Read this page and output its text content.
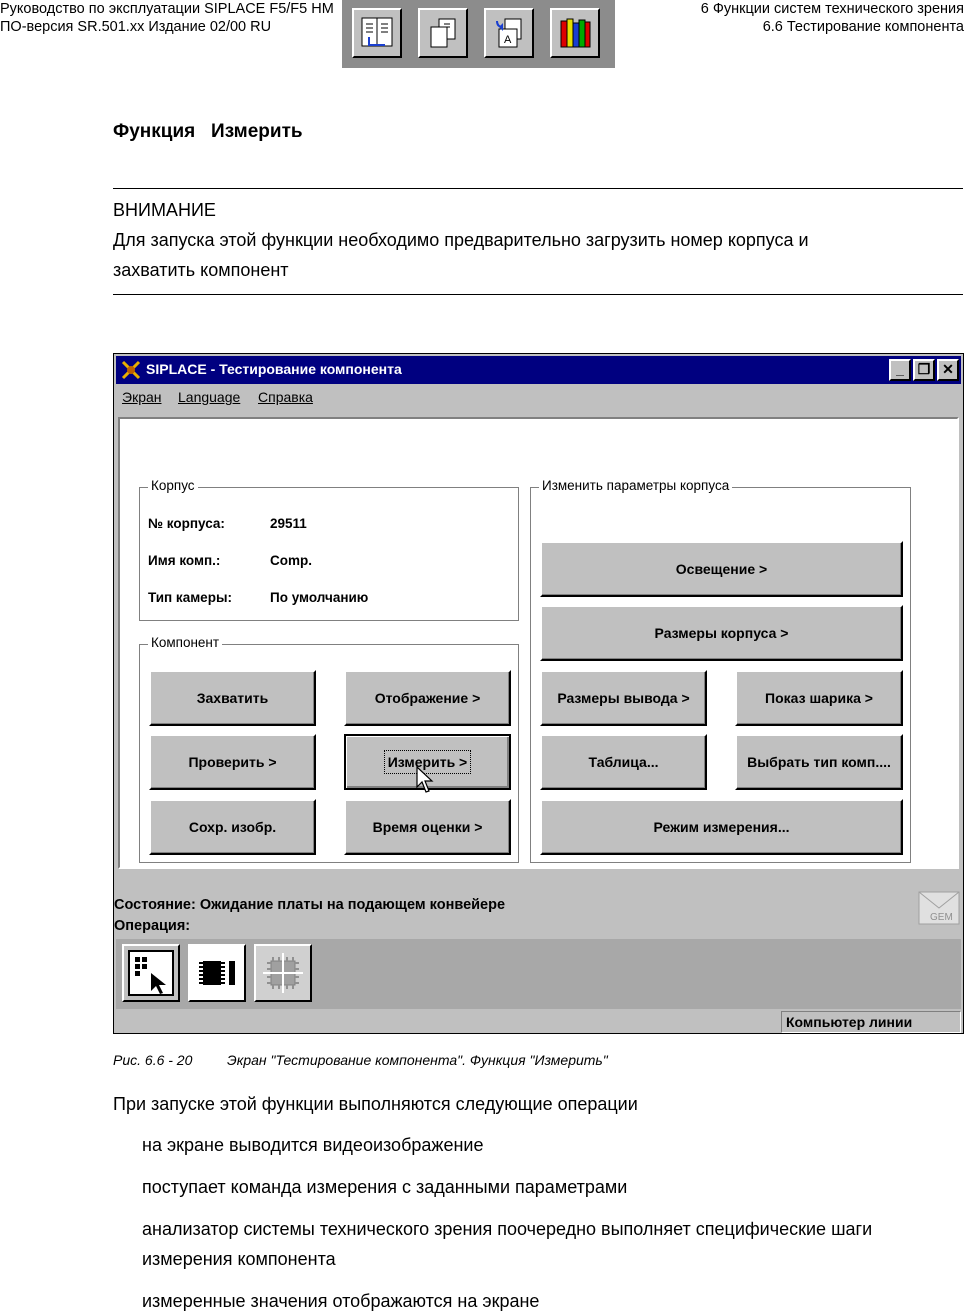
Руководство по эксплуатации SIPLACE F5/F5 HM
ПО-версия SR.501.xx Издание 02/00 RU
6 Функции систем технического зрения
6.6 Тестирование компонента
A
Функция   Измерить
ВНИМАНИЕ
Для запуска этой функции необходимо предварительно загрузить номер корпуса и
захватить компонент
SIPLACE - Тестирование компонента	_ ❐ ✕
Экран Language Справка
Корпус
№ корпуса:	29511
Имя комп.:	Comp.
Тип камеры:	По умолчанию
Компонент
Захватить	Отображение >
Проверить >	Измерить >
Сохр. изобр.	Время оценки >
Изменить параметры корпуса
Освещение >
Размеры корпуса >
Размеры вывода >	Показ шарика >
Таблица...	Выбрать тип комп....
Режим измерения...
Состояние: Ожидание платы на подающем конвейере
Операция:
GEM
Компьютер линии
Рис. 6.6 - 20 Экран "Тестирование компонента". Функция "Измерить"
При запуске этой функции выполняются следующие операции
на экране выводится видеоизображение
поступает команда измерения с заданными параметрами
анализатор системы технического зрения поочередно выполняет специфические шаги
измерения компонента
измеренные значения отображаются на экране
